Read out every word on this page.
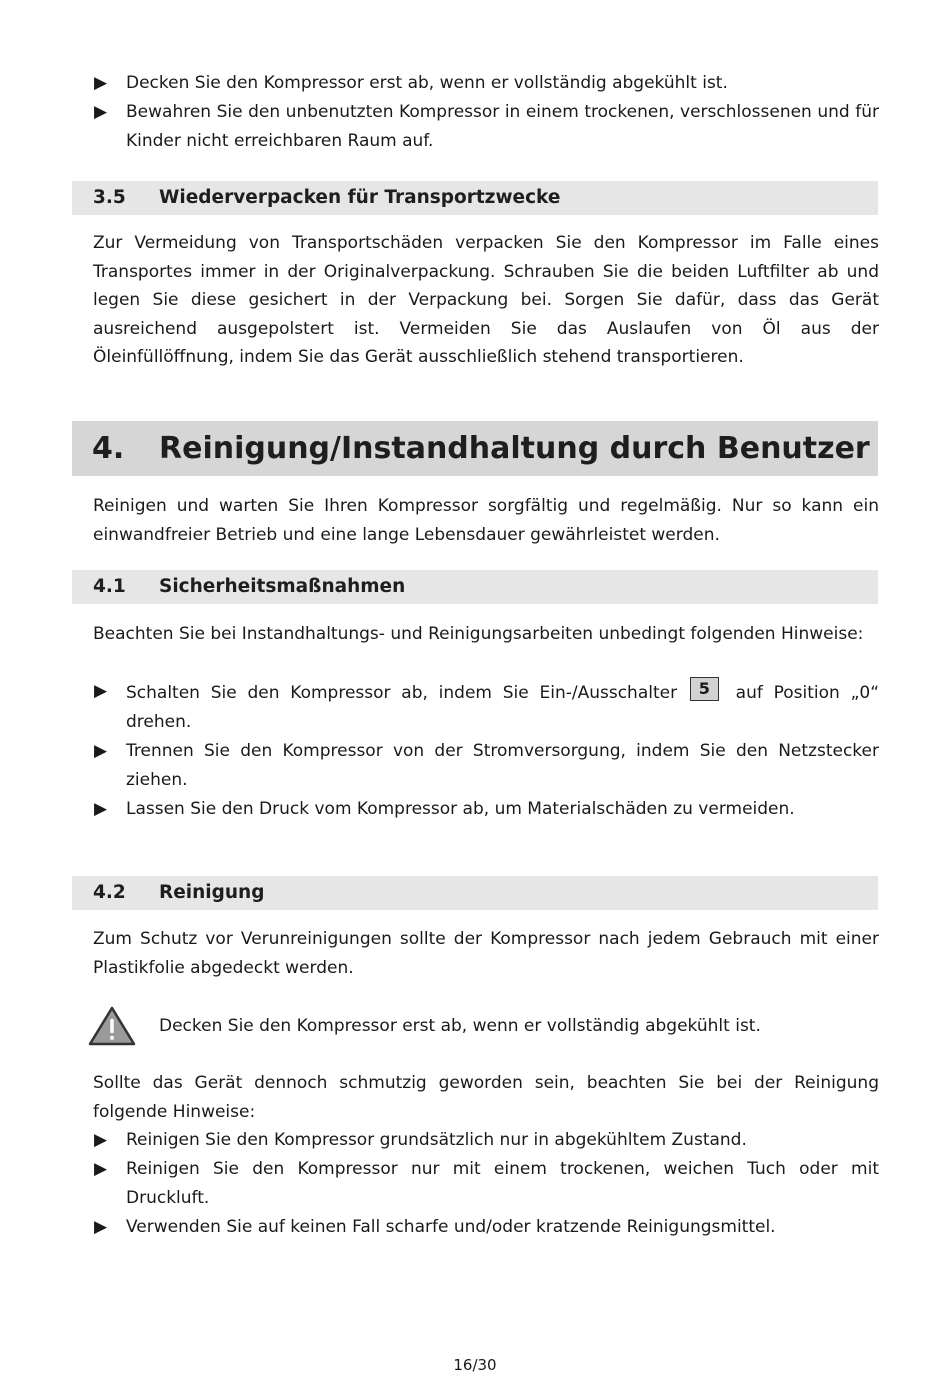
▶ Decken Sie den Kompressor erst ab, wenn er vollständig abgekühlt ist.
▶ Bewahren Sie den unbenutzten Kompressor in einem trockenen, verschlossenen und für Kinder nicht erreichbaren Raum auf.
3.5 Wiederverpacken für Transportzwecke

Zur Vermeidung von Transportschäden verpacken Sie den Kompressor im Falle eines Transportes immer in der Originalverpackung. Schrauben Sie die beiden Luftfilter ab und legen Sie diese gesichert in der Verpackung bei. Sorgen Sie dafür, dass das Gerät ausreichend ausgepolstert ist. Vermeiden Sie das Auslaufen von Öl aus der Öleinfüllöffnung, indem Sie das Gerät ausschließlich stehend transportieren.

4. Reinigung/Instandhaltung durch Benutzer

Reinigen und warten Sie Ihren Kompressor sorgfältig und regelmäßig. Nur so kann ein einwandfreier Betrieb und eine lange Lebensdauer gewährleistet werden.

4.1 Sicherheitsmaßnahmen

Beachten Sie bei Instandhaltungs- und Reinigungsarbeiten unbedingt folgenden Hinweise:

▶ Schalten Sie den Kompressor ab, indem Sie Ein-/Ausschalter 5 auf Position „0“ drehen.
▶ Trennen Sie den Kompressor von der Stromversorgung, indem Sie den Netzstecker ziehen.
▶ Lassen Sie den Druck vom Kompressor ab, um Materialschäden zu vermeiden.
4.2 Reinigung

Zum Schutz vor Verunreinigungen sollte der Kompressor nach jedem Gebrauch mit einer Plastikfolie abgedeckt werden.

Decken Sie den Kompressor erst ab, wenn er vollständig abgekühlt ist.

Sollte das Gerät dennoch schmutzig geworden sein, beachten Sie bei der Reinigung folgende Hinweise:

▶ Reinigen Sie den Kompressor grundsätzlich nur in abgekühltem Zustand.
▶ Reinigen Sie den Kompressor nur mit einem trockenen, weichen Tuch oder mit Druckluft.
▶ Verwenden Sie auf keinen Fall scharfe und/oder kratzende Reinigungsmittel.
16/30
